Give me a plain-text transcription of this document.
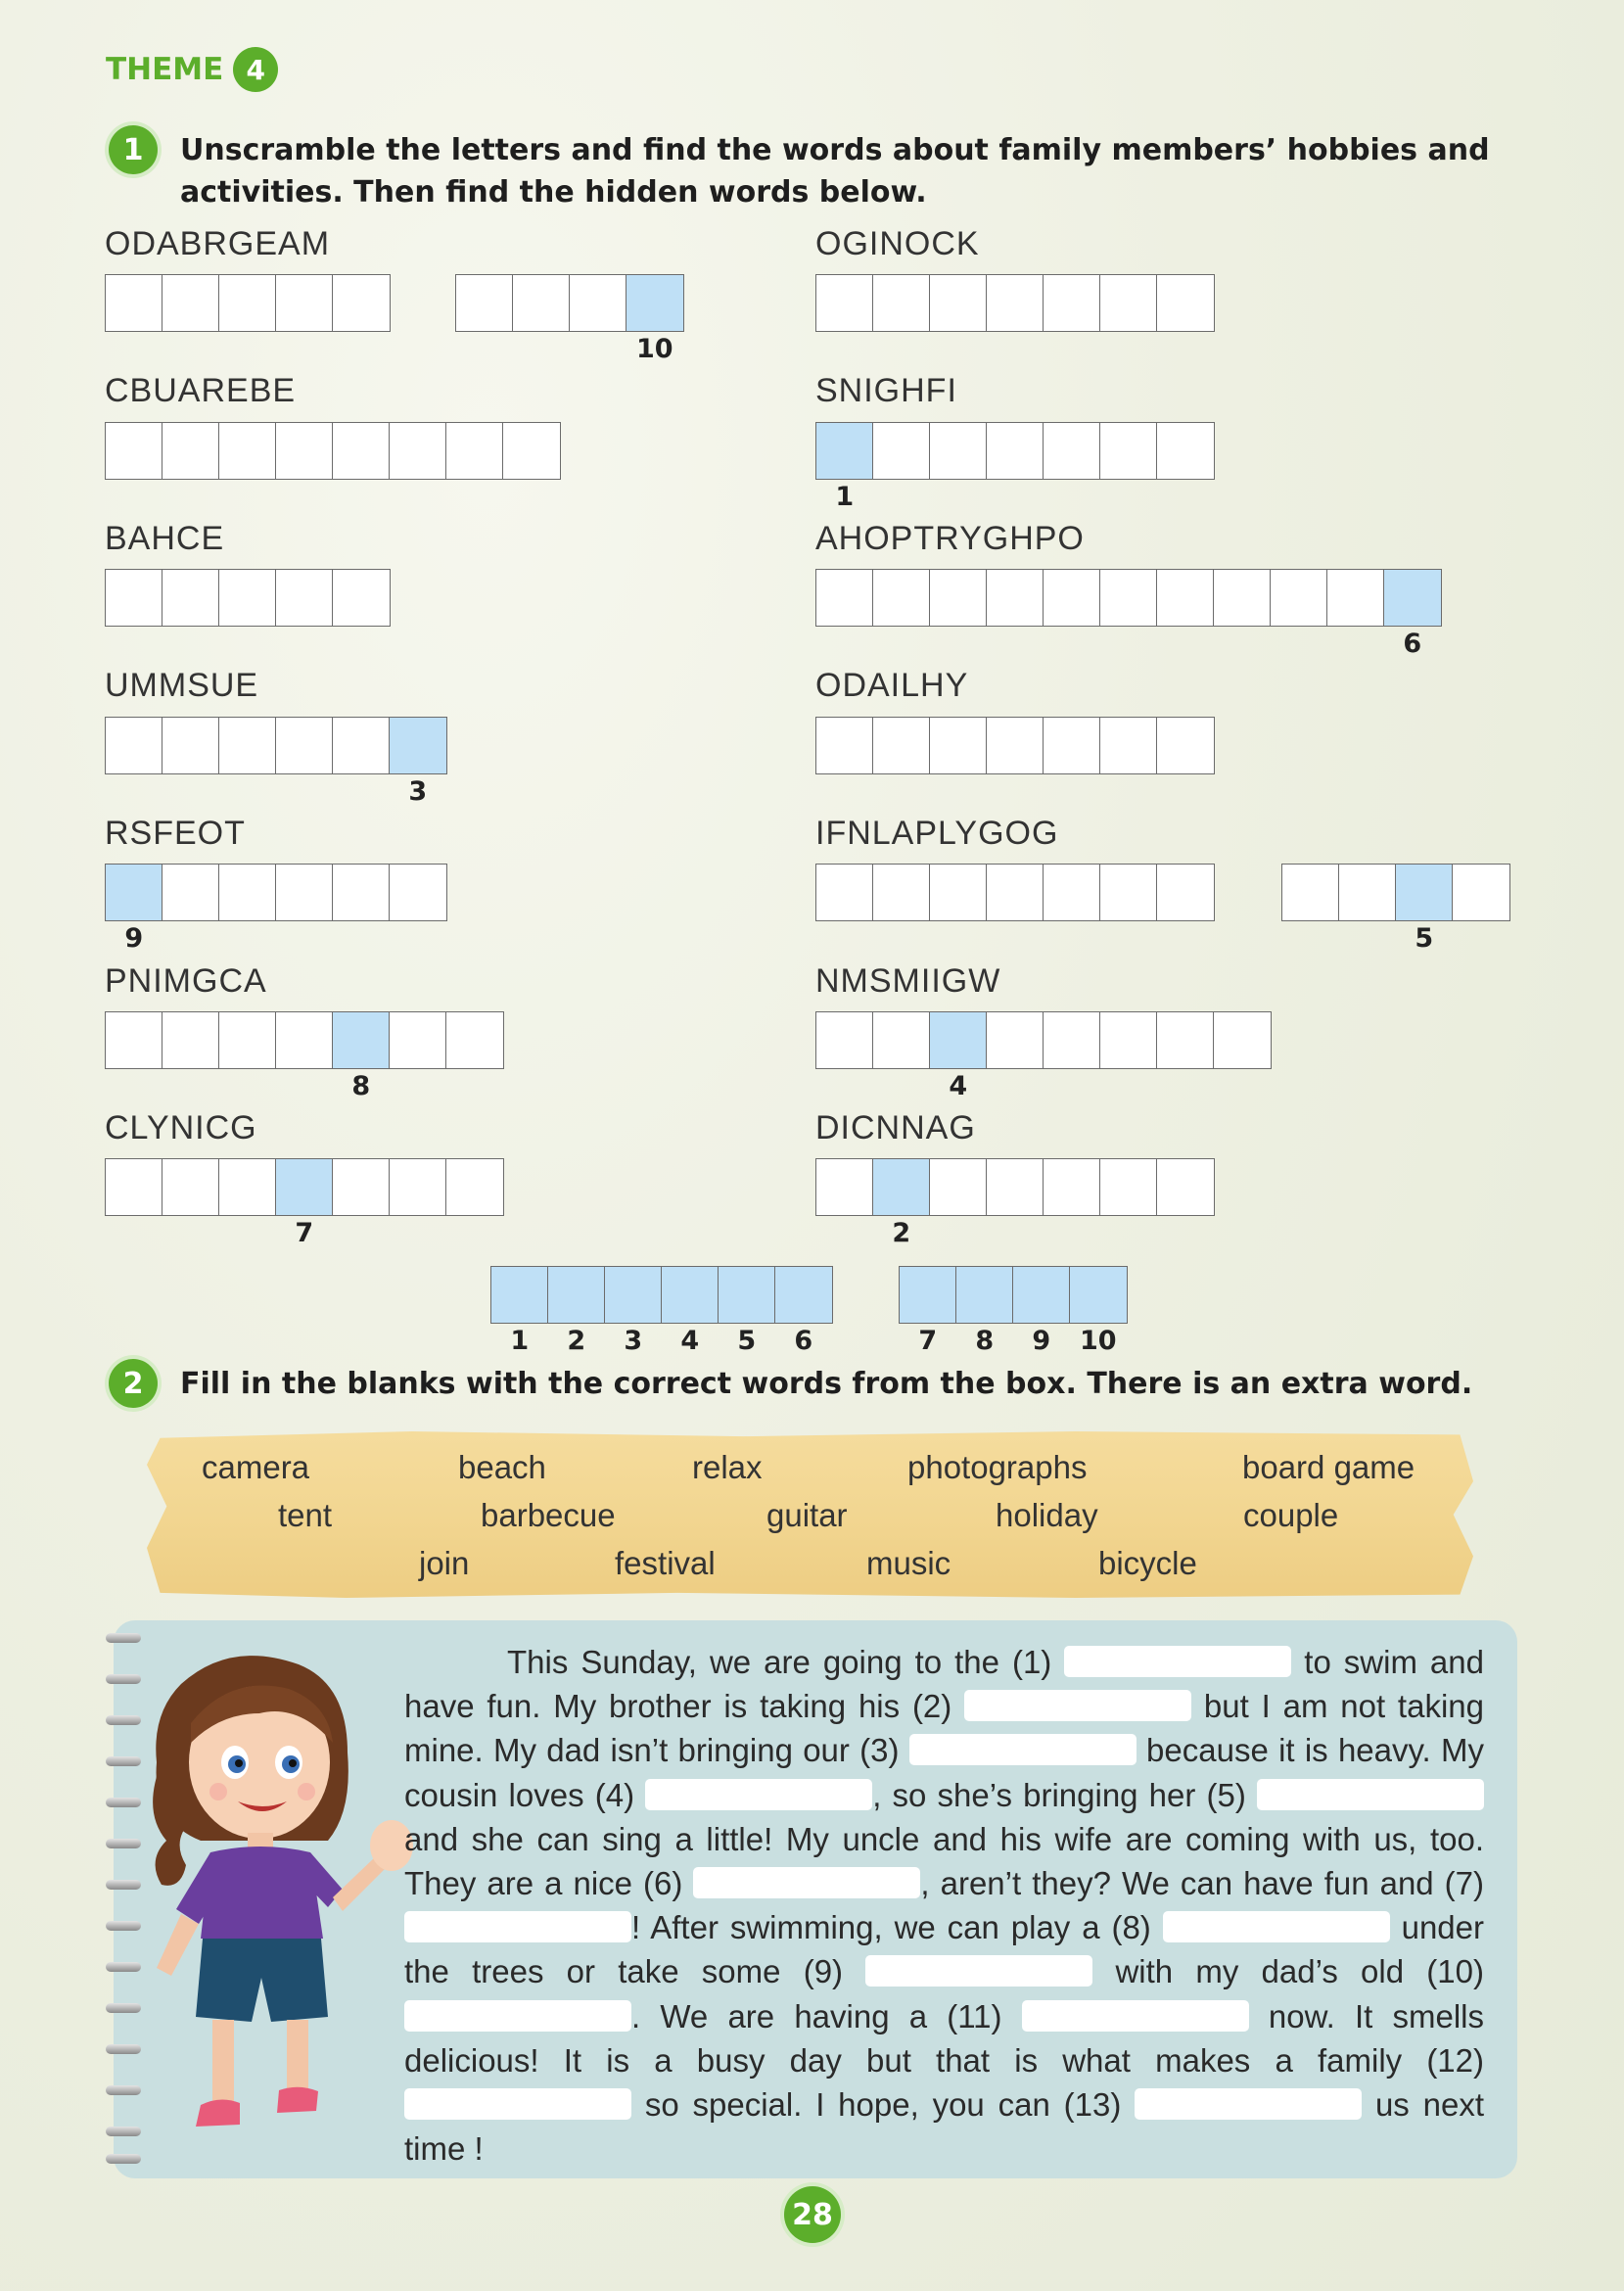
THEME 4
1	Unscramble the letters and find the words about family members’ hobbies and
activities. Then find the hidden words below.
ODABRGEAM
10
CBUAREBE
BAHCE
UMMSUE
3
RSFEOT
9
PNIMGCA
8
CLYNICG
7
OGINOCK
SNIGHFI
1
AHOPTRYGHPO
6
ODAILHY
IFNLAPLYGOG
5
NMSMIIGW
4
DICNNAG
2
1	2	3	4	5	6	7	8	9	10
2	Fill in the blanks with the correct words from the box. There is an extra word.
camera	beach	relax	photographs	board game
tent	barbecue	guitar	holiday	couple
join	festival	music	bicycle
This Sunday, we are going to the (1)	to swim and have fun. My brother is taking his (2)	but I am not taking mine. My dad isn’t bringing our (3)	because it is heavy. My cousin loves (4)	, so she’s bringing her (5)  and she can sing a little! My uncle and his wife are coming with us, too. They are a nice (6)	, aren’t they? We can have fun and (7) ! After swimming, we can play a (8)	under the trees or take some (9)	with my dad’s old (10) . We are having a (11)	now. It smells delicious! It is a busy day but that is what makes a family (12)  so special. I hope, you can (13)	us next time !
28
